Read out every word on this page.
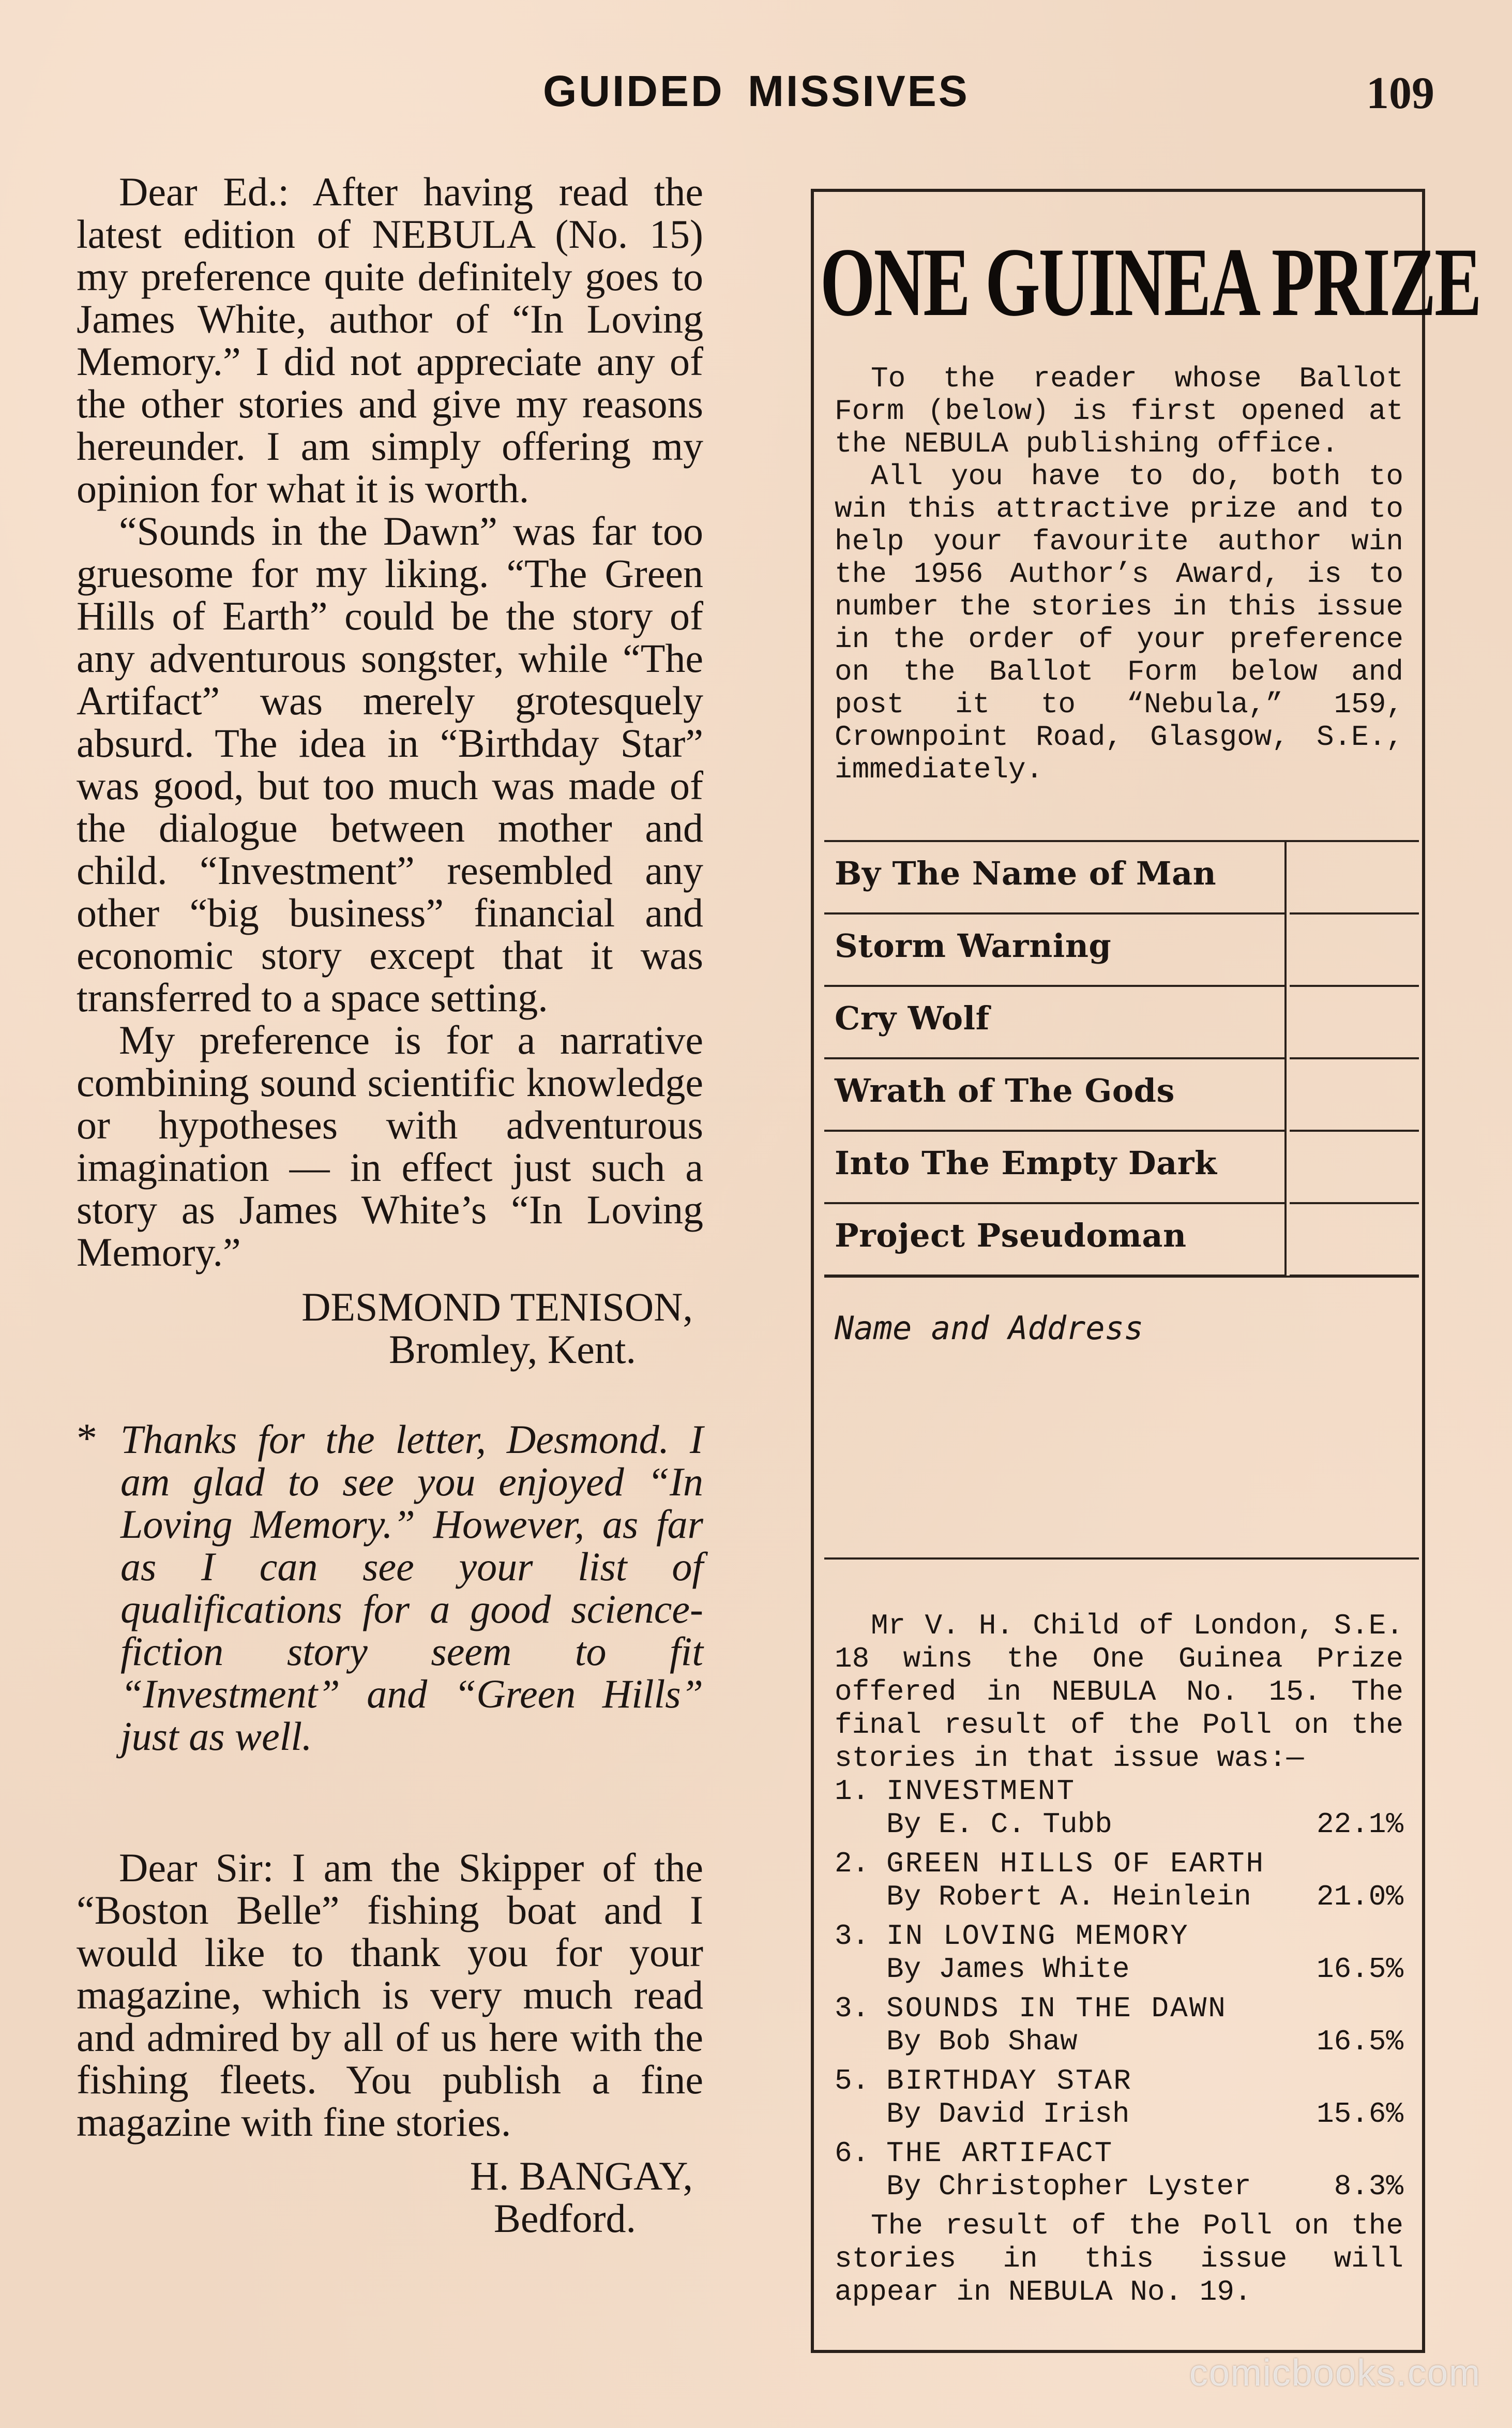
GUIDED MISSIVES	109

Dear Ed.: After having read the latest edition of NEBULA (No. 15) my preference quite definitely goes to James White, author of “In Loving Memory.” I did not appreciate any of the other stories and give my reasons hereunder. I am simply offering my opinion for what it is worth.

“Sounds in the Dawn” was far too gruesome for my liking. “The Green Hills of Earth” could be the story of any adventurous songster, while “The Artifact” was merely grotesquely absurd. The idea in “Birthday Star” was good, but too much was made of the dialogue between mother and child. “Investment” resembled any other “big business” financial and economic story except that it was transferred to a space setting.

My preference is for a narrative combining sound scientific knowledge or hypotheses with adventurous imagination — in effect just such a story as James White’s “In Loving Memory.”

DESMOND TENISON,
Bromley, Kent.
* Thanks for the letter, Desmond. I am glad to see you enjoyed “In Loving Memory.” However, as far as I can see your list of qualifications for a good science-fiction story seem to fit “Investment” and “Green Hills” just as well.

Dear Sir: I am the Skipper of the “Boston Belle” fishing boat and I would like to thank you for your magazine, which is very much read and admired by all of us here with the fishing fleets. You publish a fine magazine with fine stories.

H. BANGAY,
Bedford.
ONE GUINEA PRIZE

To the reader whose Ballot Form (below) is first opened at the NEBULA publishing office.

All you have to do, both to win this attractive prize and to help your favourite author win the 1956 Author’s Award, is to number the stories in this issue in the order of your preference on the Ballot Form below and post it to “Nebula,” 159, Crownpoint Road, Glasgow, S.E., immediately.

By The Name of Man
Storm Warning
Cry Wolf
Wrath of The Gods
Into The Empty Dark
Project Pseudoman
Name and Address

Mr V. H. Child of London, S.E. 18 wins the One Guinea Prize offered in NEBULA No. 15. The final result of the Poll on the stories in that issue was:—

1. INVESTMENT
By E. C. Tubb	22.1%
2. GREEN HILLS OF EARTH
By Robert A. Heinlein 21.0%
3. IN LOVING MEMORY
By James White	16.5%
3. SOUNDS IN THE DAWN
By Bob Shaw	16.5%
5. BIRTHDAY STAR
By David Irish	15.6%
6. THE ARTIFACT
By Christopher Lyster	8.3%

The result of the Poll on the stories in this issue will appear in NEBULA No. 19.

comicbooks.com
